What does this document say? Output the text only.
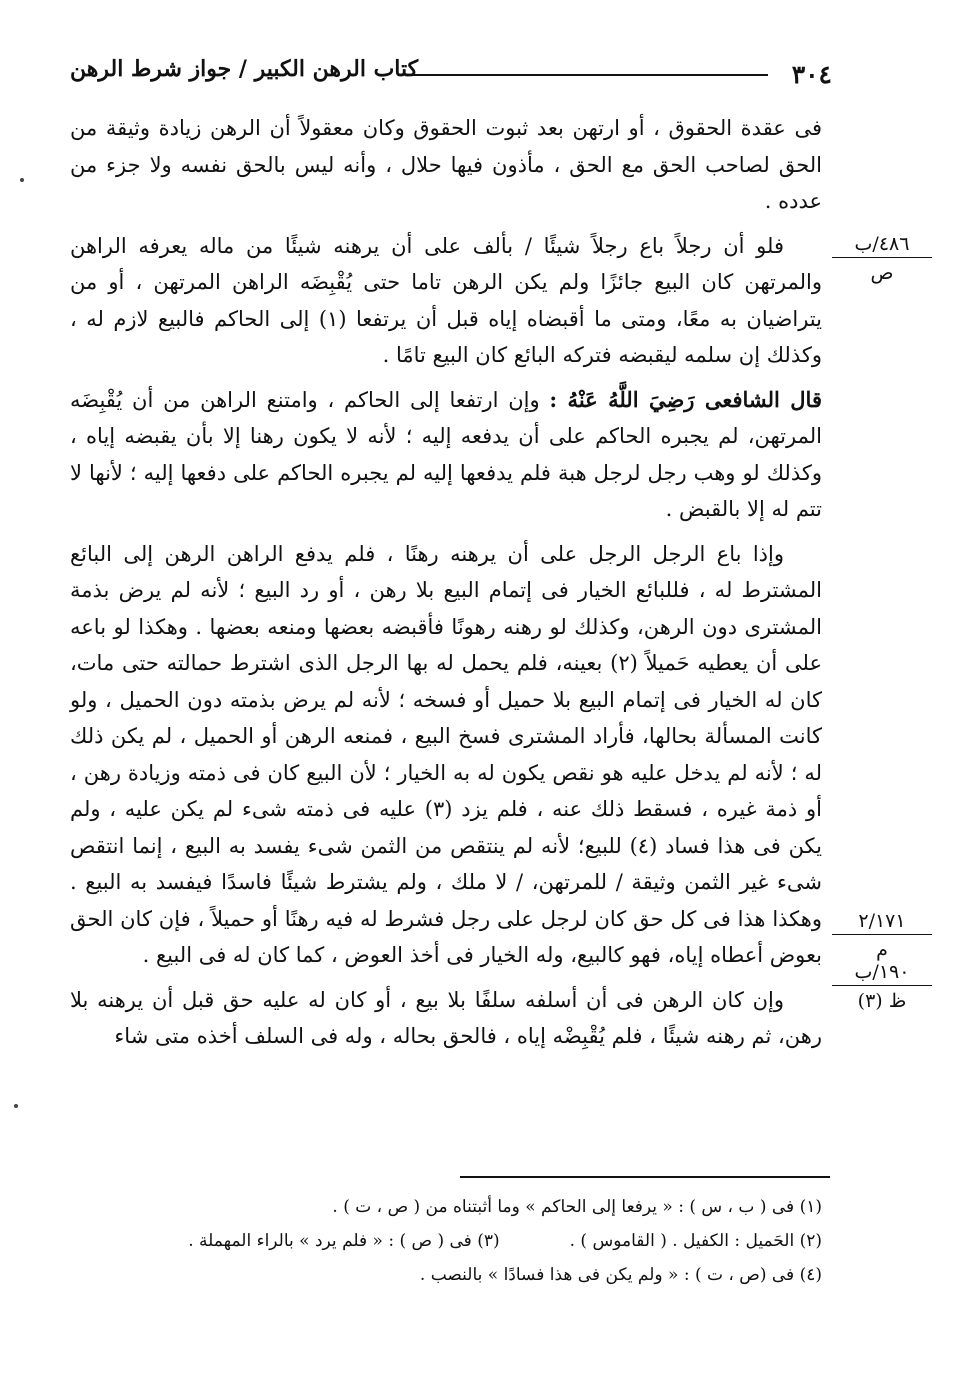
٣٠٤
كتاب الرهن الكبير / جواز شرط الرهن

فى عقدة الحقوق ، أو ارتهن بعد ثبوت الحقوق وكان معقولاً أن الرهن زيادة وثيقة من الحق لصاحب الحق مع الحق ، مأذون فيها حلال ، وأنه ليس بالحق نفسه ولا جزء من عدده .

فلو أن رجلاً باع رجلاً شيئًا / بألف على أن يرهنه شيئًا من ماله يعرفه الراهن والمرتهن كان البيع جائزًا ولم يكن الرهن تاما حتى يُقْبِضَه الراهن المرتهن ، أو من يتراضيان به معًا، ومتى ما أقبضاه إياه قبل أن يرتفعا (١) إلى الحاكم فالبيع لازم له ، وكذلك إن سلمه ليقبضه فتركه البائع كان البيع تامًا .

قال الشافعى رَضِيَ اللَّهُ عَنْهُ : وإن ارتفعا إلى الحاكم ، وامتنع الراهن من أن يُقْبِضَه المرتهن، لم يجبره الحاكم على أن يدفعه إليه ؛ لأنه لا يكون رهنا إلا بأن يقبضه إياه ، وكذلك لو وهب رجل لرجل هبة فلم يدفعها إليه لم يجبره الحاكم على دفعها إليه ؛ لأنها لا تتم له إلا بالقبض .

وإذا باع الرجل الرجل على أن يرهنه رهنًا ، فلم يدفع الراهن الرهن إلى البائع المشترط له ، فللبائع الخيار فى إتمام البيع بلا رهن ، أو رد البيع ؛ لأنه لم يرض بذمة المشترى دون الرهن، وكذلك لو رهنه رهونًا فأقبضه بعضها ومنعه بعضها . وهكذا لو باعه على أن يعطيه حَميلاً (٢) بعينه، فلم يحمل له بها الرجل الذى اشترط حمالته حتى مات، كان له الخيار فى إتمام البيع بلا حميل أو فسخه ؛ لأنه لم يرض بذمته دون الحميل ، ولو كانت المسألة بحالها، فأراد المشترى فسخ البيع ، فمنعه الرهن أو الحميل ، لم يكن ذلك له ؛ لأنه لم يدخل عليه هو نقص يكون له به الخيار ؛ لأن البيع كان فى ذمته وزيادة رهن ، أو ذمة غيره ، فسقط ذلك عنه ، فلم يزد (٣) عليه فى ذمته شىء لم يكن عليه ، ولم يكن فى هذا فساد (٤) للبيع؛ لأنه لم ينتقص من الثمن شىء يفسد به البيع ، إنما انتقص شىء غير الثمن وثيقة / للمرتهن، / لا ملك ، ولم يشترط شيئًا فاسدًا فيفسد به البيع . وهكذا هذا فى كل حق كان لرجل على رجل فشرط له فيه رهنًا أو حميلاً ، فإن كان الحق بعوض أعطاه إياه، فهو كالبيع، وله الخيار فى أخذ العوض ، كما كان له فى البيع .

وإن كان الرهن فى أن أسلفه سلفًا بلا بيع ، أو كان له عليه حق قبل أن يرهنه بلا رهن، ثم رهنه شيئًا ، فلم يُقْبِضْه إياه ، فالحق بحاله ، وله فى السلف أخذه متى شاء

٤٨٦/ب
ص
٢/١٧١
م
١٩٠/ب
ظ (٣)
(١) فى ( ب ، س ) : « يرفعا إلى الحاكم » وما أثبتناه من ( ص ، ت ) .
(٢) الحَميل : الكفيل . ( القاموس ) .
(٣) فى ( ص ) : « فلم يرد » بالراء المهملة .
(٤) فى (ص ، ت ) : « ولم يكن فى هذا فسادًا » بالنصب .
